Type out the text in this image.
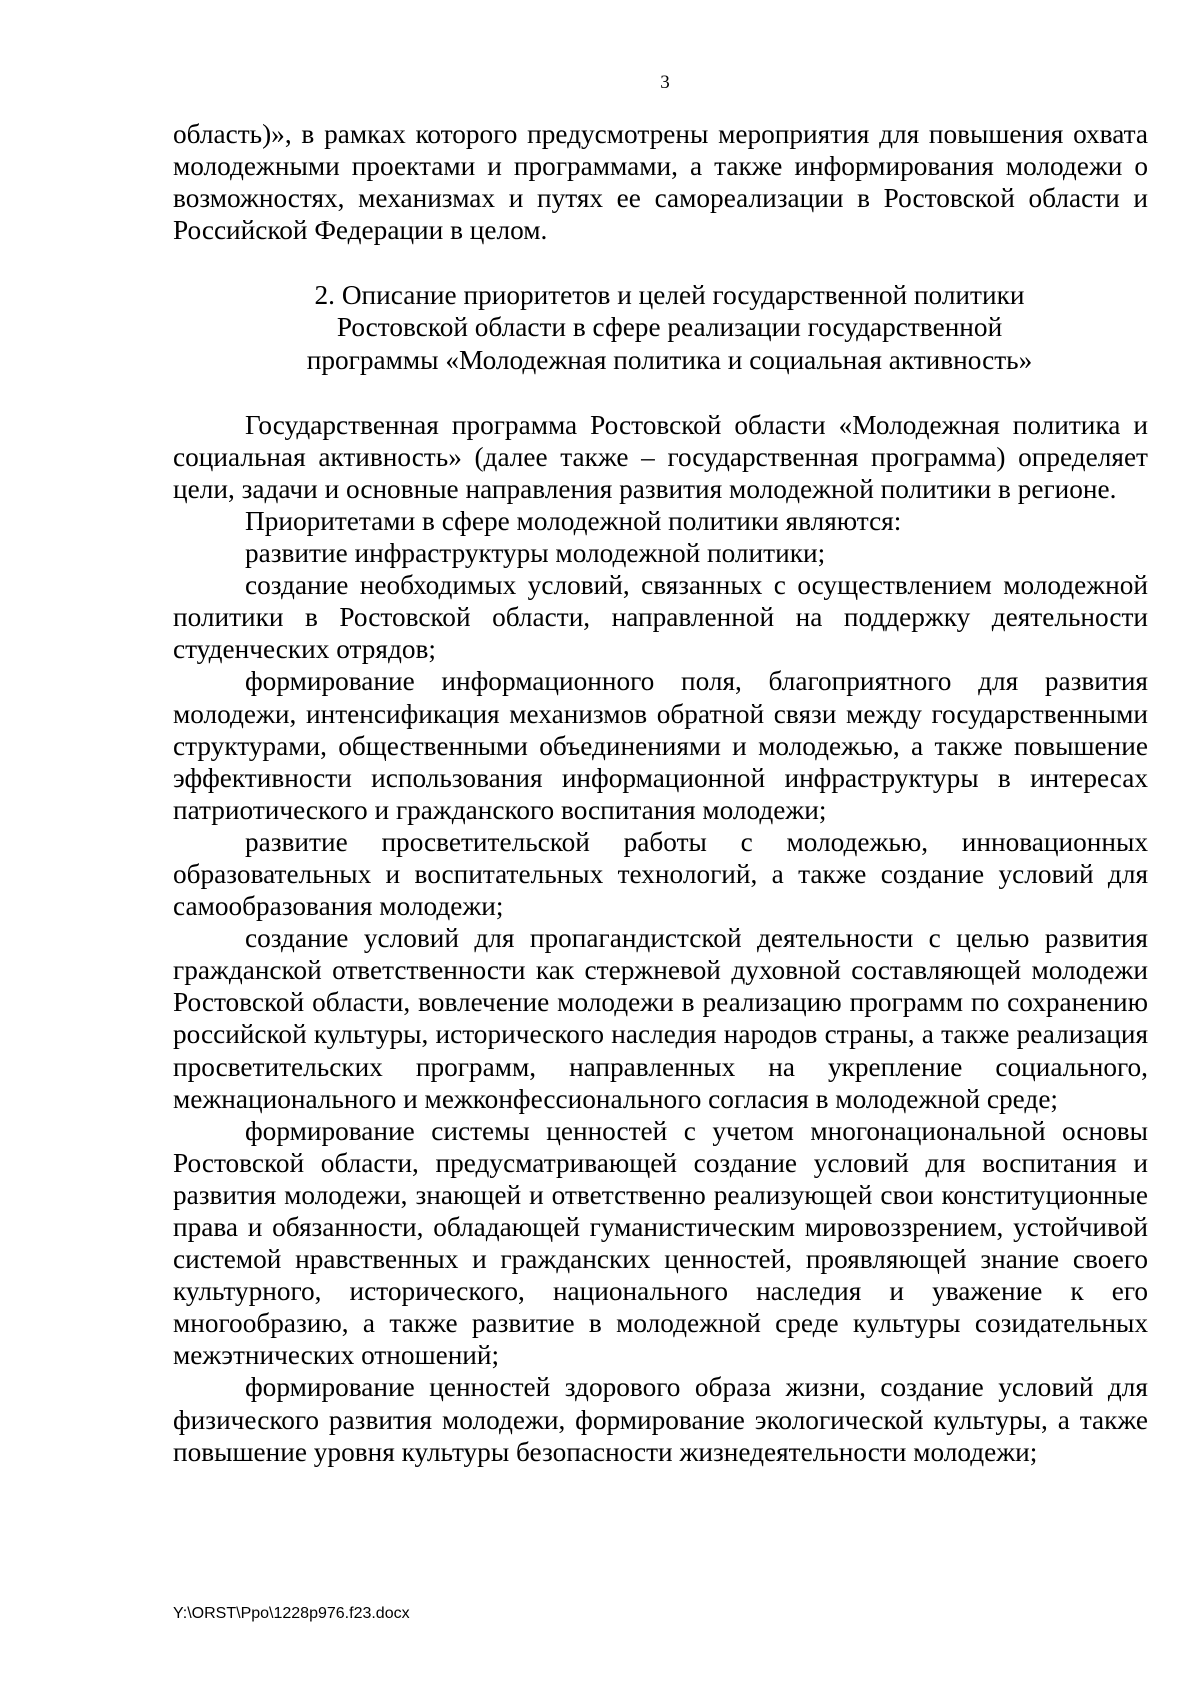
3

область)», в рамках которого предусмотрены мероприятия для повышения охвата молодежными проектами и программами, а также информирования молодежи о возможностях, механизмах и путях ее самореализации в Ростовской области и Российской Федерации в целом.

2. Описание приоритетов и целей государственной политики
Ростовской области в сфере реализации государственной
программы «Молодежная политика и социальная активность»

Государственная программа Ростовской области «Молодежная политика и социальная активность» (далее также – государственная программа) определяет цели, задачи и основные направления развития молодежной политики в регионе.

Приоритетами в сфере молодежной политики являются:

развитие инфраструктуры молодежной политики;

создание необходимых условий, связанных с осуществлением молодежной политики в Ростовской области, направленной на поддержку деятельности студенческих отрядов;

формирование информационного поля, благоприятного для развития молодежи, интенсификация механизмов обратной связи между государственными структурами, общественными объединениями и молодежью, а также повышение эффективности использования информационной инфраструктуры в интересах патриотического и гражданского воспитания молодежи;

развитие просветительской работы с молодежью, инновационных образовательных и воспитательных технологий, а также создание условий для самообразования молодежи;

создание условий для пропагандистской деятельности с целью развития гражданской ответственности как стержневой духовной составляющей молодежи Ростовской области, вовлечение молодежи в реализацию программ по сохранению российской культуры, исторического наследия народов страны, а также реализация просветительских программ, направленных на укрепление социального, межнационального и межконфессионального согласия в молодежной среде;

формирование системы ценностей с учетом многонациональной основы Ростовской области, предусматривающей создание условий для воспитания и развития молодежи, знающей и ответственно реализующей свои конституционные права и обязанности, обладающей гуманистическим мировоззрением, устойчивой системой нравственных и гражданских ценностей, проявляющей знание своего культурного, исторического, национального наследия и уважение к его многообразию, а также развитие в молодежной среде культуры созидательных межэтнических отношений;

формирование ценностей здорового образа жизни, создание условий для физического развития молодежи, формирование экологической культуры, а также повышение уровня культуры безопасности жизнедеятельности молодежи;

Y:\ORST\Ppo\1228p976.f23.docx
